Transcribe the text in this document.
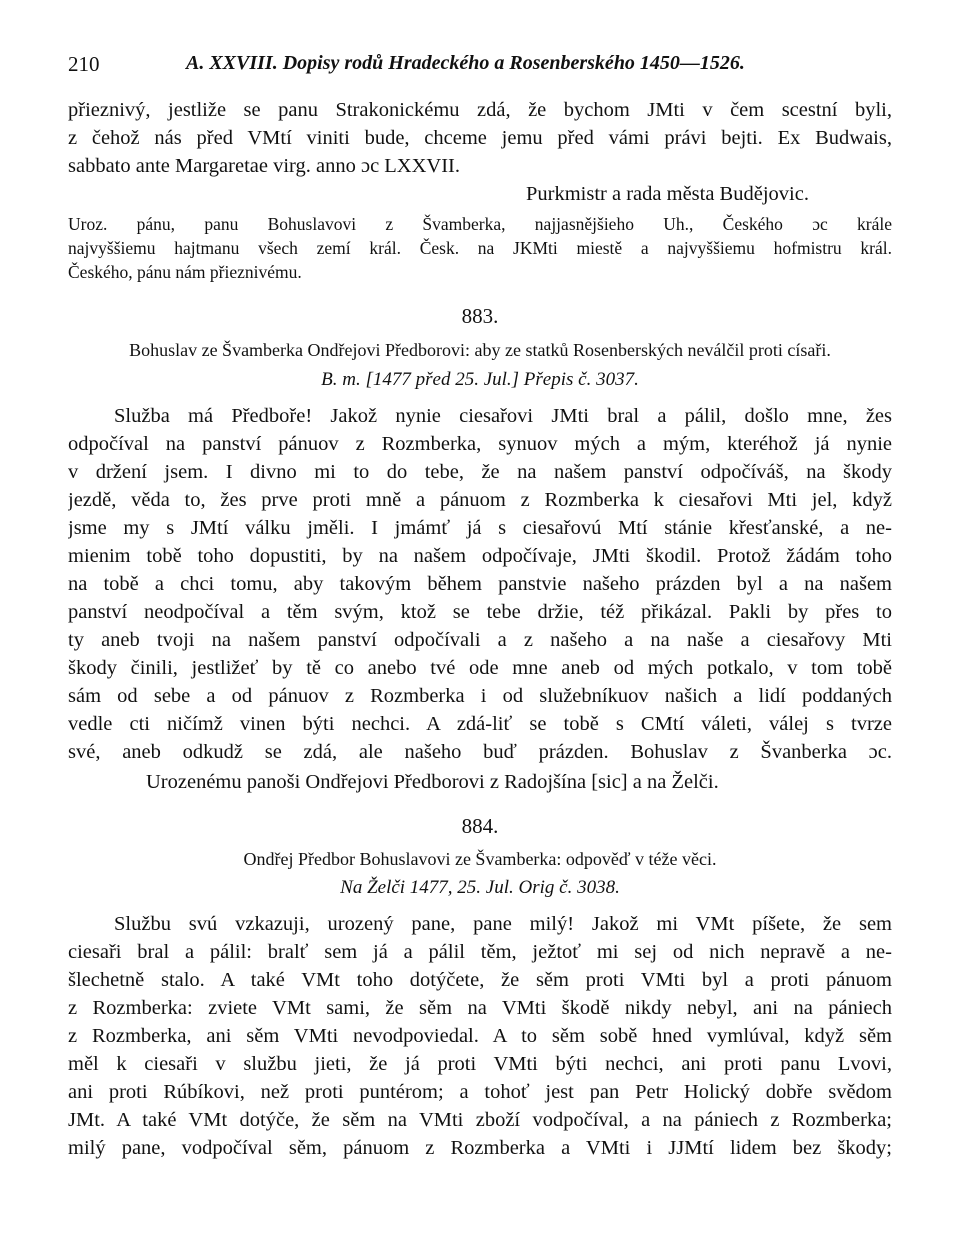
210	A. XXVIII. Dopisy rodů Hradeckého a Rosenberského 1450—1526.
přieznivý, jestliže se panu Strakonickému zdá, že bychom JMti v čem scestní byli,
z čehož nás před VMtí viniti bude, chceme jemu před vámi právi bejti. Ex Budwais,
sabbato ante Margaretae virg. anno ɔc LXXVII.
Purkmistr a rada města Budějovic.
Uroz. pánu, panu Bohuslavovi z Švamberka, najjasnějšieho Uh., Českého ɔc krále
najvyššiemu hajtmanu všech zemí král. Česk. na JKMti miestě a najvyššiemu hofmistru král.
Českého, pánu nám přieznivému.
883.
Bohuslav ze Švamberka Ondřejovi Předborovi: aby ze statků Rosenberských neválčil proti císaři.
B. m. [1477 před 25. Jul.] Přepis č. 3037.
Služba má Předboře! Jakož nynie ciesařovi JMti bral a pálil, došlo mne, žes
odpočíval na panství pánuov z Rozmberka, synuov mých a mým, kteréhož já nynie
v držení jsem. I divno mi to do tebe, že na našem panství odpočíváš, na škody
jezdě, věda to, žes prve proti mně a pánuom z Rozmberka k ciesařovi Mti jel, když
jsme my s JMtí válku jměli. I jmámť já s ciesařovú Mtí stánie křesťanské, a ne-
mienim tobě toho dopustiti, by na našem odpočívaje, JMti škodil. Protož žádám toho
na tobě a chci tomu, aby takovým během panstvie našeho prázden byl a na našem
panství neodpočíval a těm svým, ktož se tebe držie, též přikázal. Pakli by přes to
ty aneb tvoji na našem panství odpočívali a z našeho a na naše a ciesařovy Mti
škody činili, jestližeť by tě co anebo tvé ode mne aneb od mých potkalo, v tom tobě
sám od sebe a od pánuov z Rozmberka i od služebníkuov našich a lidí poddaných
vedle cti ničímž vinen býti nechci. A zdá-liť se tobě s CMtí váleti, válej s tvrze
své, aneb odkudž se zdá, ale našeho buď prázden. Bohuslav z Švanberka ɔc.
Urozenému panoši Ondřejovi Předborovi z Radojšína [sic] a na Želči.
884.
Ondřej Předbor Bohuslavovi ze Švamberka: odpověď v téže věci.
Na Želči 1477, 25. Jul. Orig č. 3038.
Službu svú vzkazuji, urozený pane, pane milý! Jakož mi VMt píšete, že sem
ciesaři bral a pálil: bralť sem já a pálil těm, ježtoť mi sej od nich nepravě a ne-
šlechetně stalo. A také VMt toho dotýčete, že sěm proti VMti byl a proti pánuom
z Rozmberka: zviete VMt sami, že sěm na VMti škodě nikdy nebyl, ani na pániech
z Rozmberka, ani sěm VMti nevodpoviedal. A to sěm sobě hned vymlúval, když sěm
měl k ciesaři v službu jieti, že já proti VMti býti nechci, ani proti panu Lvovi,
ani proti Rúbíkovi, než proti puntérom; a tohoť jest pan Petr Holický dobře svědom
JMt. A také VMt dotýče, že sěm na VMti zboží vodpočíval, a na pániech z Rozmberka;
milý pane, vodpočíval sěm, pánuom z Rozmberka a VMti i JJMtí lidem bez škody;
